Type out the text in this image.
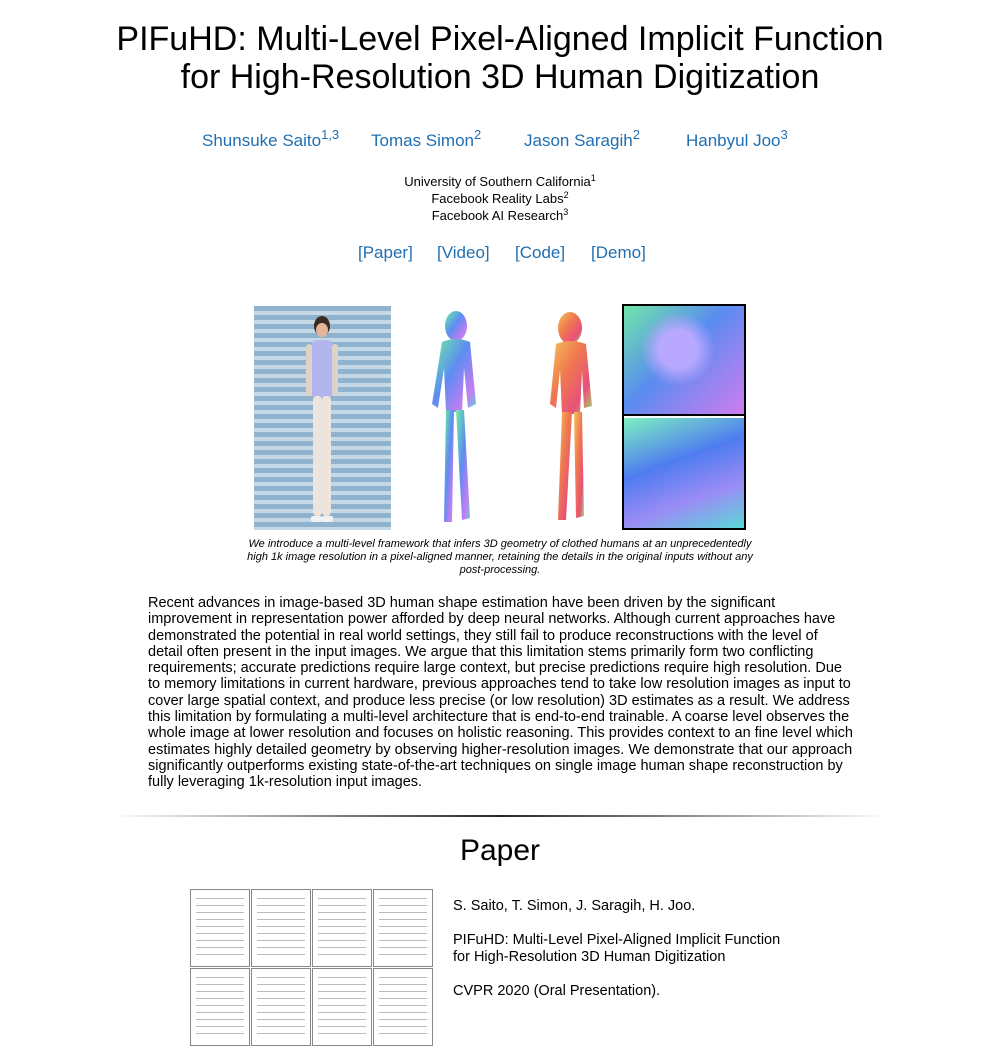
PIFuHD: Multi-Level Pixel-Aligned Implicit Function
for High-Resolution 3D Human Digitization
Shunsuke Saito$^{1,3}$ Tomas Simon$^2$	Jason Saragih$^2$	Hanbyul Joo$^3$
University of Southern California$^1$
Facebook Reality Labs$^2$
Facebook AI Research$^3$
[Paper] [Video] [Code] [Demo]
We introduce a multi-level framework that infers 3D geometry of clothed humans at an unprecedentedly high 1k image resolution in a pixel-aligned manner, retaining the details in the original inputs without any post-processing.
Recent advances in image-based 3D human shape estimation have been driven by the significant improvement in representation power afforded by deep neural networks. Although current approaches have demonstrated the potential in real world settings, they still fail to produce reconstructions with the level of detail often present in the input images. We argue that this limitation stems primarily form two conflicting requirements; accurate predictions require large context, but precise predictions require high resolution. Due to memory limitations in current hardware, previous approaches tend to take low resolution images as input to cover large spatial context, and produce less precise (or low resolution) 3D estimates as a result. We address this limitation by formulating a multi-level architecture that is end-to-end trainable. A coarse level observes the whole image at lower resolution and focuses on holistic reasoning. This provides context to an fine level which estimates highly detailed geometry by observing higher-resolution images. We demonstrate that our approach significantly outperforms existing state-of-the-art techniques on single image human shape reconstruction by fully leveraging 1k-resolution input images.
Paper

S. Saito, T. Simon, J. Saragih, H. Joo.

PIFuHD: Multi-Level Pixel-Aligned Implicit Function
for High-Resolution 3D Human Digitization

CVPR 2020 (Oral Presentation).
